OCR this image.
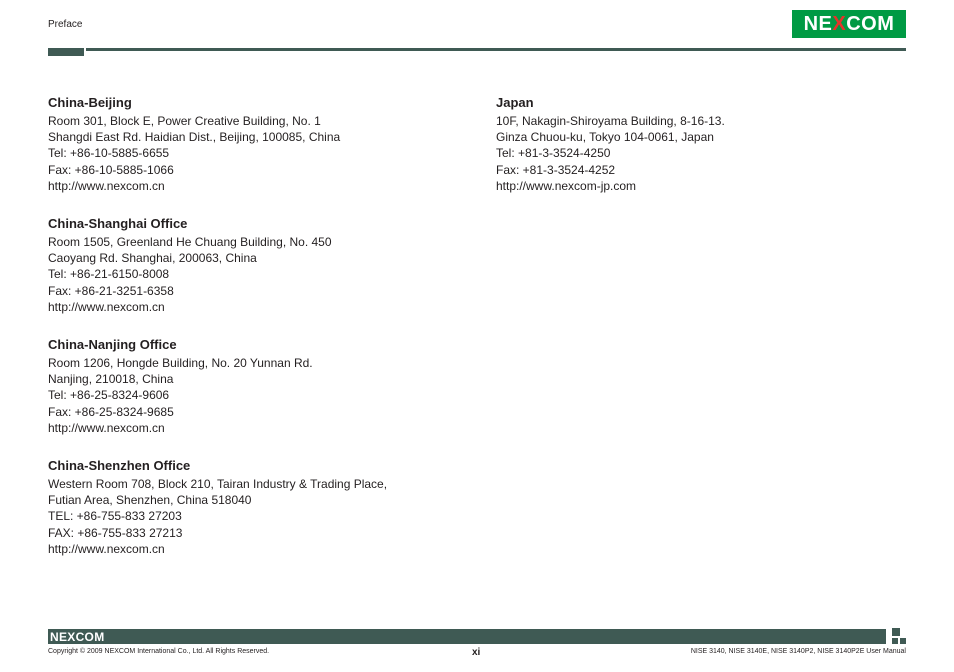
Preface	NEXCOM
China-Beijing
Room 301, Block E, Power Creative Building, No. 1
Shangdi East Rd. Haidian Dist., Beijing, 100085, China
Tel: +86-10-5885-6655
Fax: +86-10-5885-1066
http://www.nexcom.cn
China-Shanghai Office
Room 1505, Greenland He Chuang Building, No. 450
Caoyang Rd. Shanghai, 200063, China
Tel: +86-21-6150-8008
Fax: +86-21-3251-6358
http://www.nexcom.cn
China-Nanjing Office
Room 1206, Hongde Building, No. 20 Yunnan Rd.
Nanjing, 210018, China
Tel: +86-25-8324-9606
Fax: +86-25-8324-9685
http://www.nexcom.cn
China-Shenzhen Office
Western Room 708, Block 210, Tairan Industry & Trading Place,
Futian Area, Shenzhen, China 518040
TEL: +86-755-833 27203
FAX: +86-755-833 27213
http://www.nexcom.cn
Japan
10F, Nakagin-Shiroyama Building, 8-16-13.
Ginza Chuou-ku, Tokyo 104-0061, Japan
Tel: +81-3-3524-4250
Fax: +81-3-3524-4252
http://www.nexcom-jp.com
NEXCOM
Copyright © 2009 NEXCOM International Co., Ltd. All Rights Reserved.	xi	NISE 3140, NISE 3140E, NISE 3140P2, NISE 3140P2E User Manual
